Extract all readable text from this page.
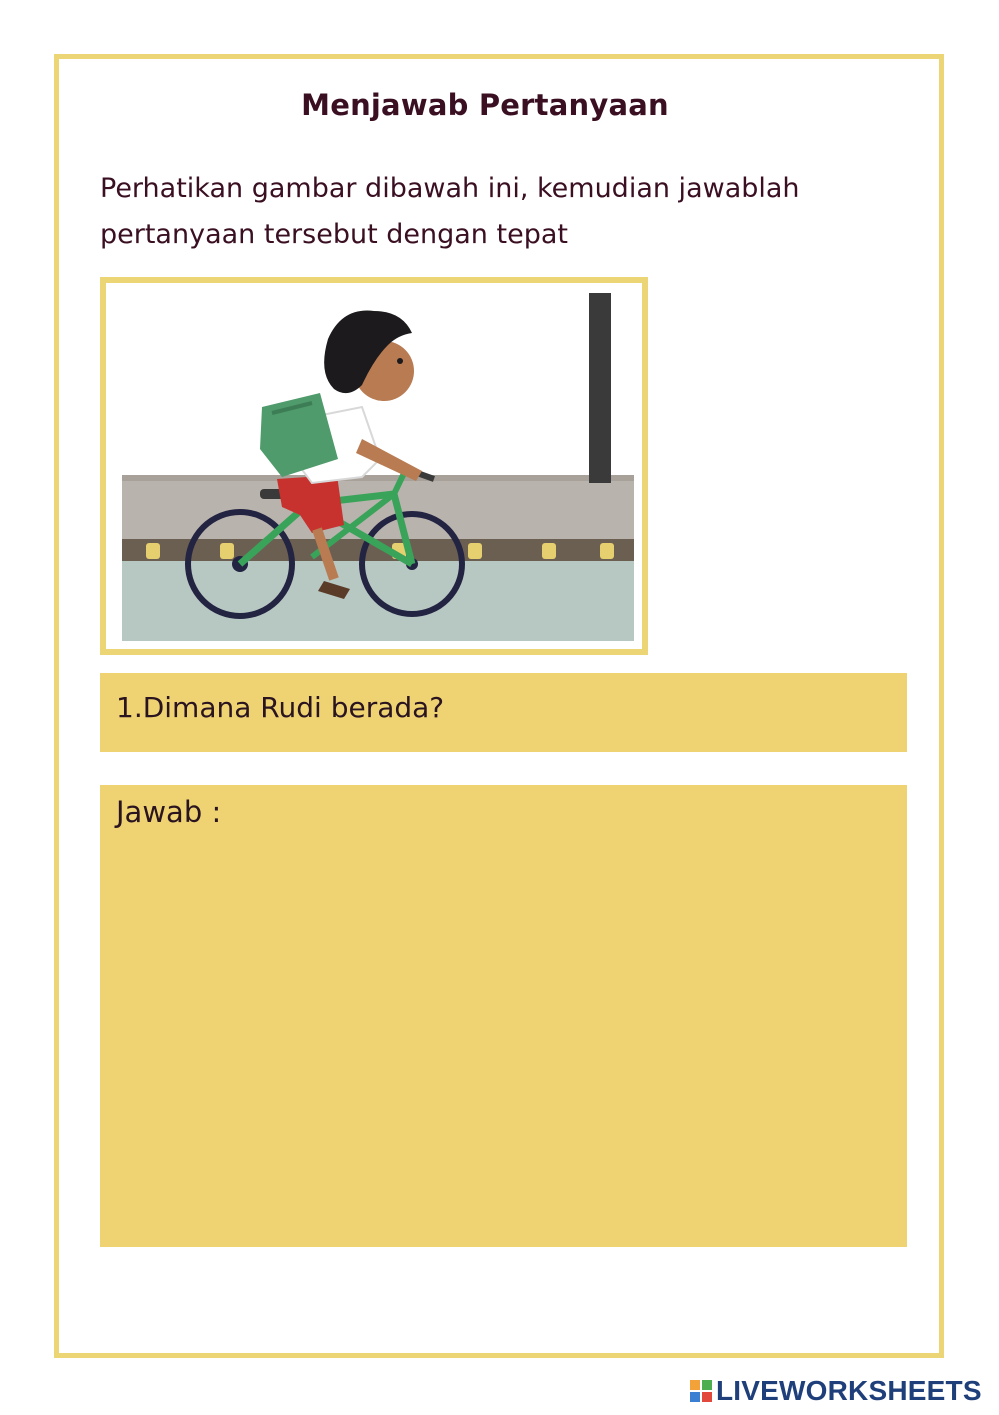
Menjawab Pertanyaan
Perhatikan gambar dibawah ini, kemudian jawablah
pertanyaan tersebut dengan tepat
1.Dimana Rudi berada?
Jawab :
LIVEWORKSHEETS
